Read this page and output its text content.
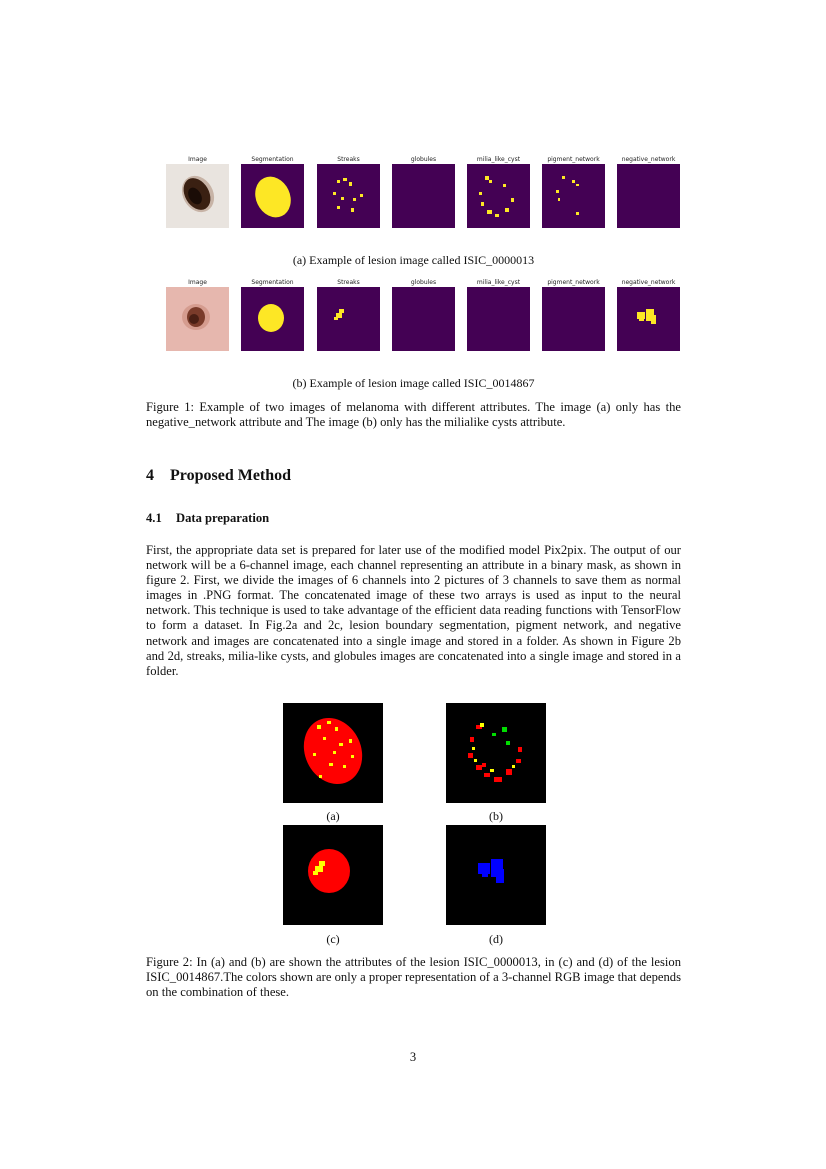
Image	Segmentation	Streaks	globules	milia_like_cyst	pigment_network	negative_network
(a) Example of lesion image called ISIC_0000013
Image	Segmentation	Streaks	globules	milia_like_cyst	pigment_network	negative_network
(b) Example of lesion image called ISIC_0014867
Figure 1: Example of two images of melanoma with different attributes. The image (a) only has the negative_network attribute and The image (b) only has the milialike cysts attribute.
4 Proposed Method
4.1 Data preparation
First, the appropriate data set is prepared for later use of the modified model Pix2pix. The output of our network will be a 6-channel image, each channel representing an attribute in a binary mask, as shown in figure 2. First, we divide the images of 6 channels into 2 pictures of 3 channels to save them as normal images in .PNG format. The concatenated image of these two arrays is used as input to the neural network. This technique is used to take advantage of the efficient data reading functions with TensorFlow to form a dataset. In Fig.2a and 2c, lesion boundary segmentation, pigment network, and negative network and images are concatenated into a single image and stored in a folder. As shown in Figure 2b and 2d, streaks, milia-like cysts, and globules images are concatenated into a single image and stored in a folder.
(a)	(b)
(c)	(d)
Figure 2: In (a) and (b) are shown the attributes of the lesion ISIC_0000013, in (c) and (d) of the lesion ISIC_0014867.The colors shown are only a proper representation of a 3-channel RGB image that depends on the combination of these.
3
